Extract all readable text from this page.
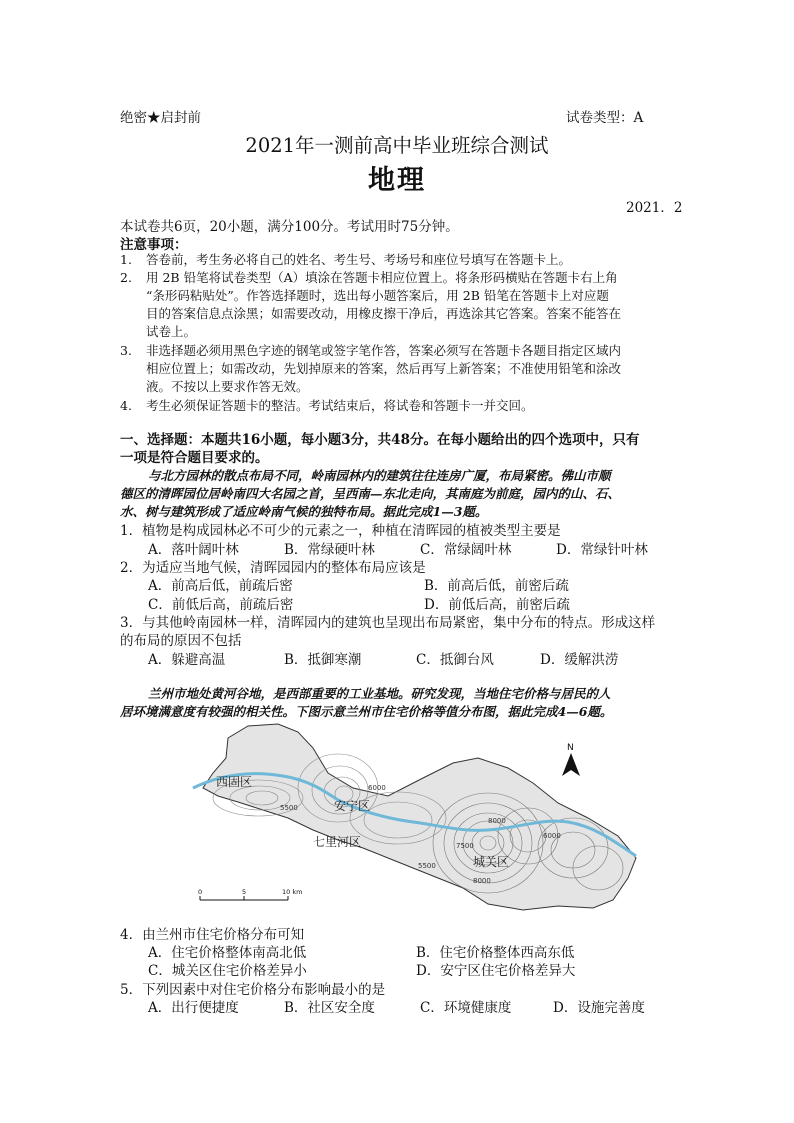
绝密★启封前	试卷类型：A
2021年一测前高中毕业班综合测试
地理
2021．2
本试卷共6页，20小题，满分100分。考试用时75分钟。
注意事项：
1. 答卷前，考生务必将自己的姓名、考生号、考场号和座位号填写在答题卡上。
2. 用 2B 铅笔将试卷类型（A）填涂在答题卡相应位置上。将条形码横贴在答题卡右上角
“条形码粘贴处”。作答选择题时，选出每小题答案后，用 2B 铅笔在答题卡上对应题
目的答案信息点涂黑；如需要改动，用橡皮擦干净后，再选涂其它答案。答案不能答在
试卷上。
3. 非选择题必须用黑色字迹的钢笔或签字笔作答，答案必须写在答题卡各题目指定区域内
相应位置上；如需改动，先划掉原来的答案，然后再写上新答案；不准使用铅笔和涂改
液。不按以上要求作答无效。
4. 考生必须保证答题卡的整洁。考试结束后，将试卷和答题卡一并交回。
一、选择题：本题共16小题，每小题3分，共48分。在每小题给出的四个选项中，只有
一项是符合题目要求的。
与北方园林的散点布局不同，岭南园林内的建筑往往连房广厦，布局紧密。佛山市顺
德区的清晖园位居岭南四大名园之首，呈西南—东北走向，其南庭为前庭，园内的山、石、
水、树与建筑形成了适应岭南气候的独特布局。据此完成1—3题。
1．植物是构成园林必不可少的元素之一，种植在清晖园的植被类型主要是
A．落叶阔叶林	B．常绿硬叶林	C．常绿阔叶林	D．常绿针叶林
2．为适应当地气候，清晖园园内的整体布局应该是
A．前高后低，前疏后密	B．前高后低，前密后疏
C．前低后高，前疏后密	D．前低后高，前密后疏
3．与其他岭南园林一样，清晖园内的建筑也呈现出布局紧密，集中分布的特点。形成这样
的布局的原因不包括
A．躲避高温	B．抵御寒潮	C．抵御台风	D．缓解洪涝
兰州市地处黄河谷地，是西部重要的工业基地。研究发现，当地住宅价格与居民的人
居环境满意度有较强的相关性。下图示意兰州市住宅价格等值分布图，据此完成4—6题。
西固区
安宁区
七里河区
城关区
5500
6000
5500
7500
8000
6000
8000
N
0	5	10 km
4．由兰州市住宅价格分布可知
A．住宅价格整体南高北低	B．住宅价格整体西高东低
C．城关区住宅价格差异小	D．安宁区住宅价格差异大
5．下列因素中对住宅价格分布影响最小的是
A．出行便捷度	B．社区安全度	C．环境健康度	D．设施完善度
